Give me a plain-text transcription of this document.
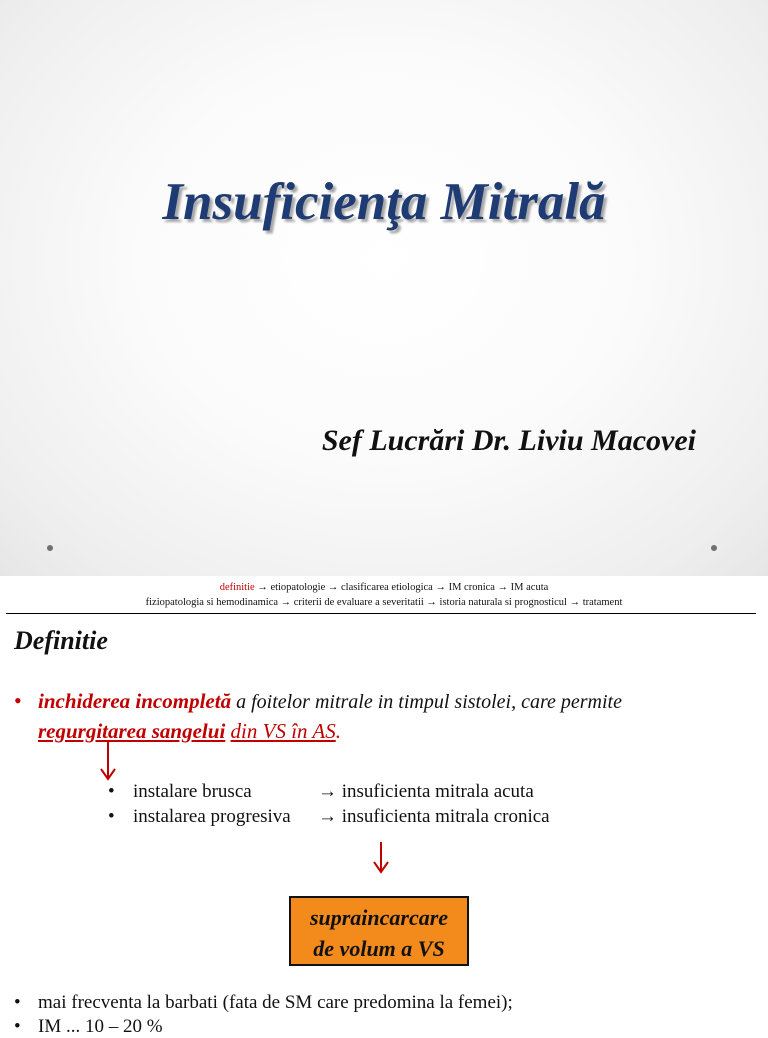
Insuficienţa Mitrală
Sef Lucrări Dr. Liviu Macovei
definitie → etiopatologie → clasificarea etiologica → IM cronica → IM acuta
fiziopatologia si hemodinamica → criterii de evaluare a severitatii → istoria naturala si prognosticul → tratament
Definitie
• inchiderea incompletă a foitelor mitrale in timpul sistolei, care permite
regurgitarea sangelui din VS în AS.
• instalare brusca	→ insuficienta mitrala acuta
• instalarea progresiva → insuficienta mitrala cronica
supraincarcare
de volum a VS
• mai frecventa la barbati (fata de SM care predomina la femei);
• IM ... 10 – 20 %
